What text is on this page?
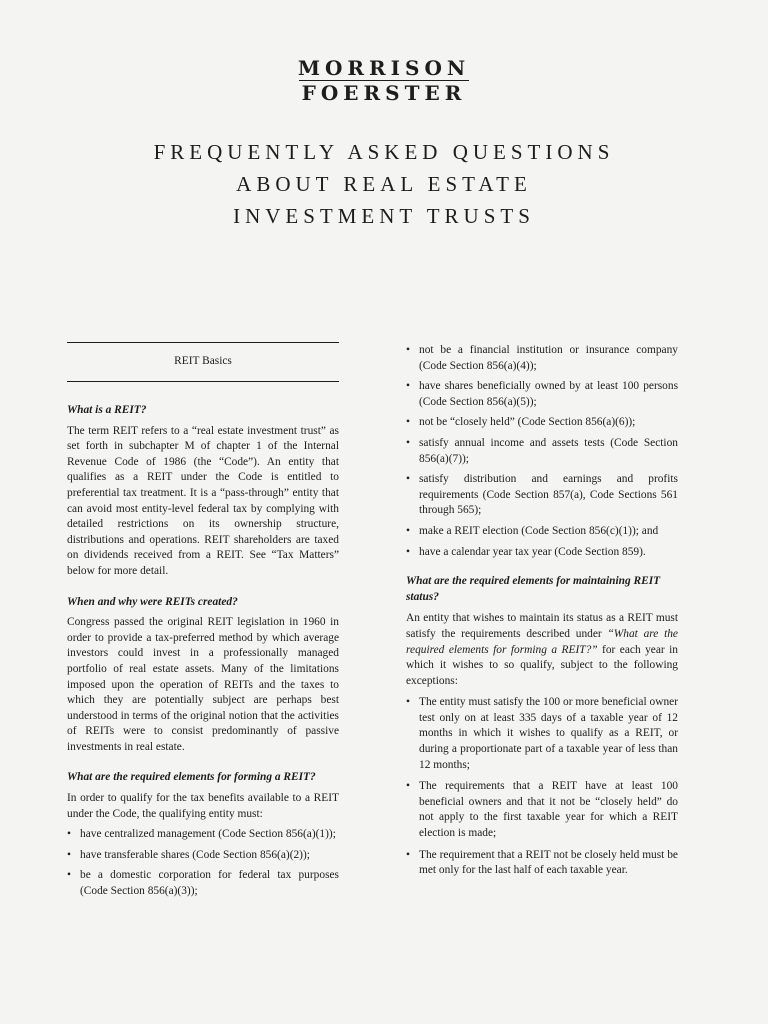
MORRISON
FOERSTER
FREQUENTLY ASKED QUESTIONS
ABOUT REAL ESTATE
INVESTMENT TRUSTS
REIT Basics
What is a REIT?

The term REIT refers to a “real estate investment trust” as set forth in subchapter M of chapter 1 of the Internal Revenue Code of 1986 (the “Code”). An entity that qualifies as a REIT under the Code is entitled to preferential tax treatment. It is a “pass-through” entity that can avoid most entity-level federal tax by complying with detailed restrictions on its ownership structure, distributions and operations. REIT shareholders are taxed on dividends received from a REIT. See “Tax Matters” below for more detail.

When and why were REITs created?

Congress passed the original REIT legislation in 1960 in order to provide a tax-preferred method by which average investors could invest in a professionally managed portfolio of real estate assets. Many of the limitations imposed upon the operation of REITs and the taxes to which they are potentially subject are perhaps best understood in terms of the original notion that the activities of REITs were to consist predominantly of passive investments in real estate.

What are the required elements for forming a REIT?

In order to qualify for the tax benefits available to a REIT under the Code, the qualifying entity must:

• have centralized management (Code Section 856(a)(1));
• have transferable shares (Code Section 856(a)(2));
• be a domestic corporation for federal tax purposes (Code Section 856(a)(3));
• not be a financial institution or insurance company (Code Section 856(a)(4));
• have shares beneficially owned by at least 100 persons (Code Section 856(a)(5));
• not be “closely held” (Code Section 856(a)(6));
• satisfy annual income and assets tests (Code Section 856(a)(7));
• satisfy distribution and earnings and profits requirements (Code Section 857(a), Code Sections 561 through 565);
• make a REIT election (Code Section 856(c)(1)); and
• have a calendar year tax year (Code Section 859).
What are the required elements for maintaining REIT status?

An entity that wishes to maintain its status as a REIT must satisfy the requirements described under “What are the required elements for forming a REIT?” for each year in which it wishes to so qualify, subject to the following exceptions:

• The entity must satisfy the 100 or more beneficial owner test only on at least 335 days of a taxable year of 12 months in which it wishes to qualify as a REIT, or during a proportionate part of a taxable year of less than 12 months;
• The requirements that a REIT have at least 100 beneficial owners and that it not be “closely held” do not apply to the first taxable year for which a REIT election is made;
• The requirement that a REIT not be closely held must be met only for the last half of each taxable year.
